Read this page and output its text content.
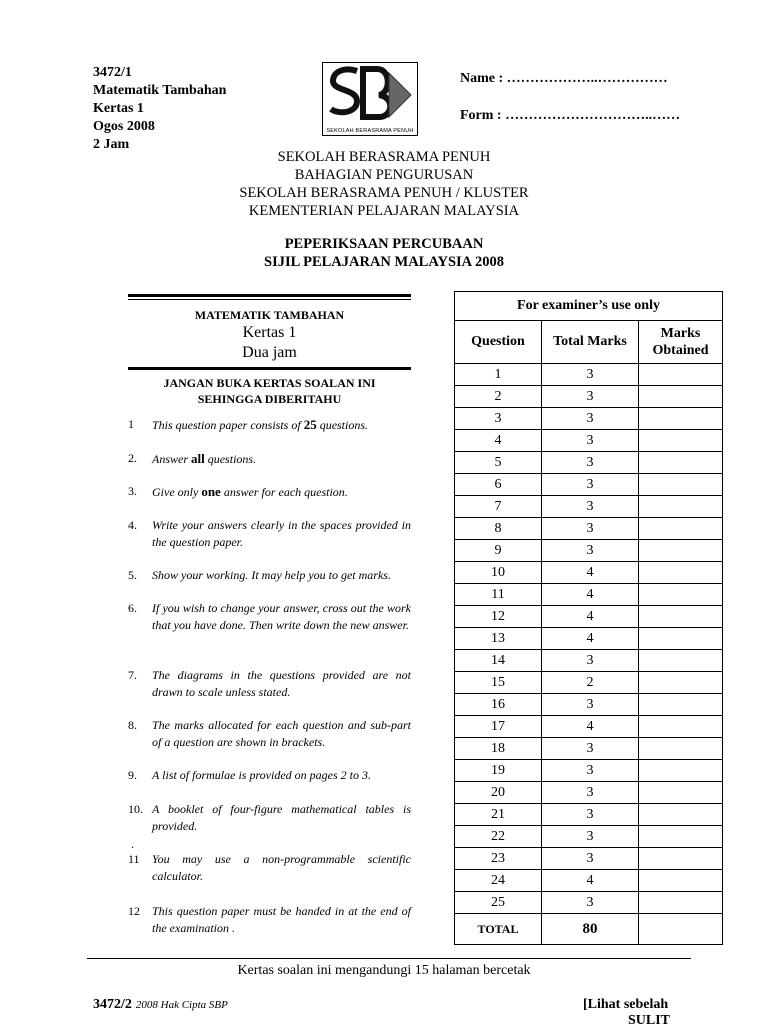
3472/1
Matematik Tambahan
Kertas 1
Ogos 2008
2 Jam
SEKOLAH BERASRAMA PENUH
Name : ………………..……………
Form : …………………………..……
SEKOLAH BERASRAMA PENUH
BAHAGIAN PENGURUSAN
SEKOLAH BERASRAMA PENUH / KLUSTER
KEMENTERIAN PELAJARAN MALAYSIA
PEPERIKSAAN PERCUBAAN
SIJIL PELAJARAN MALAYSIA 2008
MATEMATIK TAMBAHAN
Kertas 1
Dua jam
JANGAN BUKA KERTAS SOALAN INI
SEHINGGA DIBERITAHU
1 This question paper consists of 25 questions.
2. Answer all questions.
3. Give only one answer for each question.
4. Write your answers clearly in the spaces provided in the question paper.
5. Show your working. It may help you to get marks.
6. If you wish to change your answer, cross out the work that you have done. Then write down the new answer.
7. The diagrams in the questions provided are not drawn to scale unless stated.
8. The marks allocated for each question and sub-part of a question are shown in brackets.
9. A list of formulae is provided on pages 2 to 3.
10. A booklet of four-figure mathematical tables is provided.
.
11 You may use a non-programmable scientific calculator.
12 This question paper must be handed in at the end of the examination .
For examiner’s use only		
Question	Total Marks	Marks Obtained
1	3	
2	3	
3	3	
4	3	
5	3	
6	3	
7	3	
8	3	
9	3	
10	4	
11	4	
12	4	
13	4	
14	3	
15	2	
16	3	
17	4	
18	3	
19	3	
20	3	
21	3	
22	3	
23	3	
24	4	
25	3	
TOTAL	80	
Kertas soalan ini mengandungi 15 halaman bercetak
3472/2 2008 Hak Cipta SBP	[Lihat sebelah
SULIT
